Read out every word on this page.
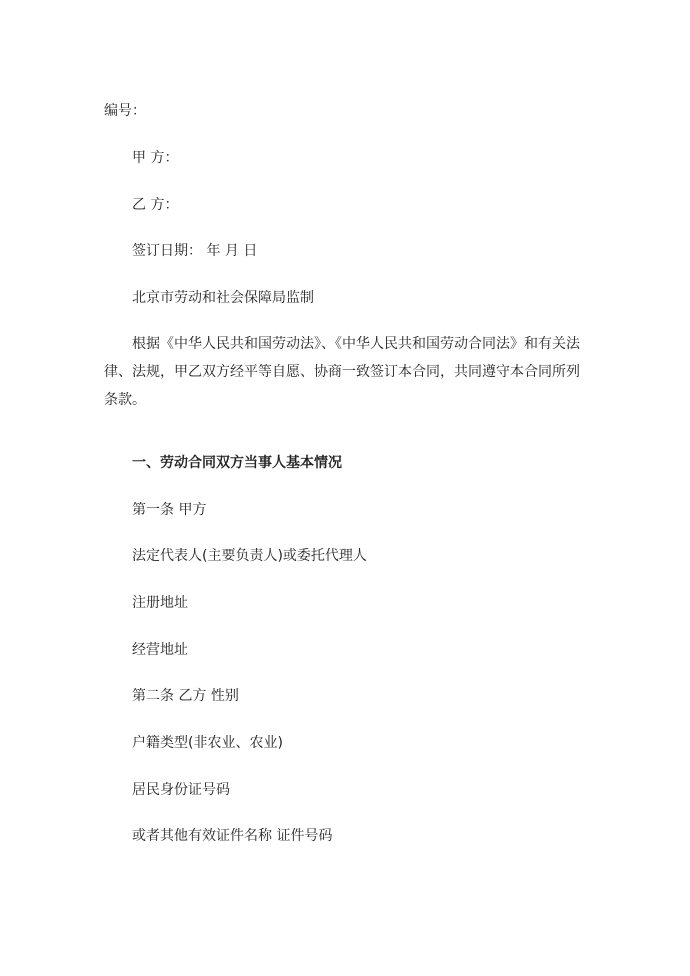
编号：

甲 方：

乙 方：

签订日期： 年 月 日

北京市劳动和社会保障局监制

根据《中华人民共和国劳动法》、《中华人民共和国劳动合同法》和有关法律、法规，甲乙双方经平等自愿、协商一致签订本合同，共同遵守本合同所列条款。

一、劳动合同双方当事人基本情况

第一条 甲方

法定代表人(主要负责人)或委托代理人

注册地址

经营地址

第二条 乙方 性别

户籍类型(非农业、农业)

居民身份证号码

或者其他有效证件名称 证件号码
